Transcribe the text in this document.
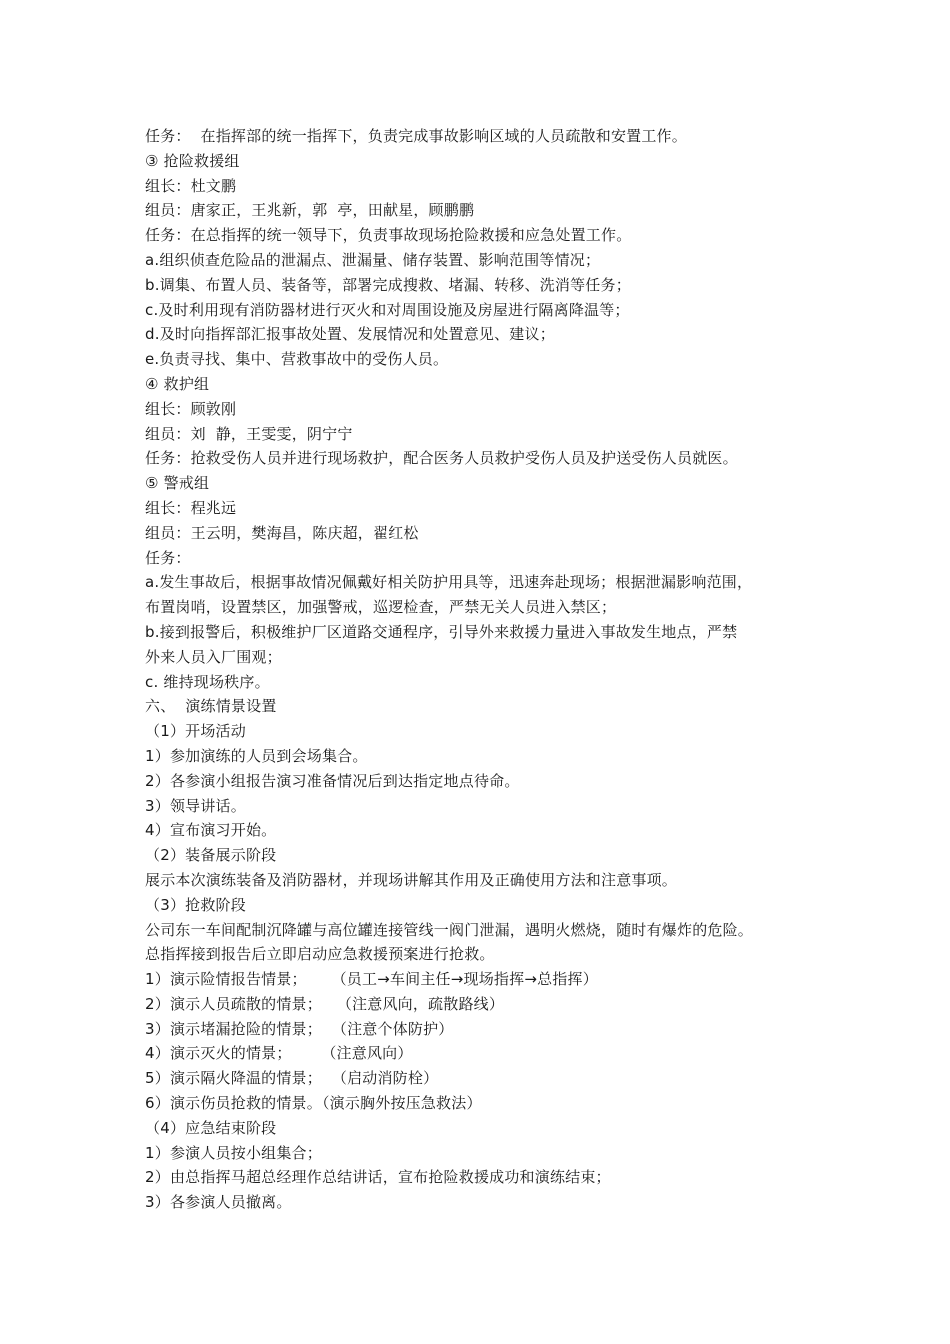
任务：  在指挥部的统一指挥下，负责完成事故影响区域的人员疏散和安置工作。
③ 抢险救援组
组长：杜文鹏
组员：唐家正，王兆新，郭  亭，田献星，顾鹏鹏
任务：在总指挥的统一领导下，负责事故现场抢险救援和应急处置工作。
a.组织侦查危险品的泄漏点、泄漏量、储存装置、影响范围等情况；
b.调集、布置人员、装备等，部署完成搜救、堵漏、转移、洗消等任务；
c.及时利用现有消防器材进行灭火和对周围设施及房屋进行隔离降温等；
d.及时向指挥部汇报事故处置、发展情况和处置意见、建议；
e.负责寻找、集中、营救事故中的受伤人员。
④ 救护组
组长：顾敦刚
组员：刘  静，王雯雯，阴宁宁
任务：抢救受伤人员并进行现场救护，配合医务人员救护受伤人员及护送受伤人员就医。
⑤ 警戒组
组长：程兆远
组员：王云明，樊海昌，陈庆超，翟红松
任务：
a.发生事故后，根据事故情况佩戴好相关防护用具等，迅速奔赴现场；根据泄漏影响范围，
布置岗哨，设置禁区，加强警戒，巡逻检查，严禁无关人员进入禁区；
b.接到报警后，积极维护厂区道路交通程序，引导外来救援力量进入事故发生地点，严禁
外来人员入厂围观；
c. 维持现场秩序。
六、  演练情景设置
（1）开场活动
1）参加演练的人员到会场集合。
2）各参演小组报告演习准备情况后到达指定地点待命。
3）领导讲话。
4）宣布演习开始。
（2）装备展示阶段
展示本次演练装备及消防器材，并现场讲解其作用及正确使用方法和注意事项。
（3）抢救阶段
公司东一车间配制沉降罐与高位罐连接管线一阀门泄漏，遇明火燃烧，随时有爆炸的危险。
总指挥接到报告后立即启动应急救援预案进行抢救。
1）演示险情报告情景；     （员工→车间主任→现场指挥→总指挥）
2）演示人员疏散的情景；   （注意风向，疏散路线）
3）演示堵漏抢险的情景；  （注意个体防护）
4）演示灭火的情景；      （注意风向）
5）演示隔火降温的情景；  （启动消防栓）
6）演示伤员抢救的情景。（演示胸外按压急救法）
（4）应急结束阶段
1）参演人员按小组集合；
2）由总指挥马超总经理作总结讲话，宣布抢险救援成功和演练结束；
3）各参演人员撤离。
